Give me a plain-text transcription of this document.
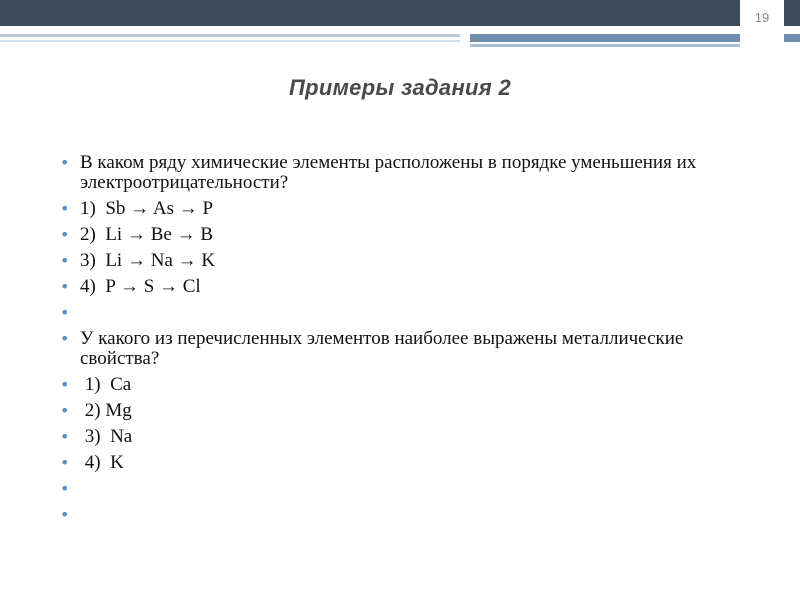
19
Примеры задания 2
• В каком ряду химические элементы расположены в порядке уменьшения их электроотрицательности?
• 1)  Sb → As → P
• 2)  Li → Be → B
• 3)  Li → Na → K
• 4)  P → S → Cl
•
• У какого из перечисленных элементов наиболее выражены металлические свойства?
• 1)  Ca
• 2) Mg
• 3)  Na
• 4)  K
•
•
